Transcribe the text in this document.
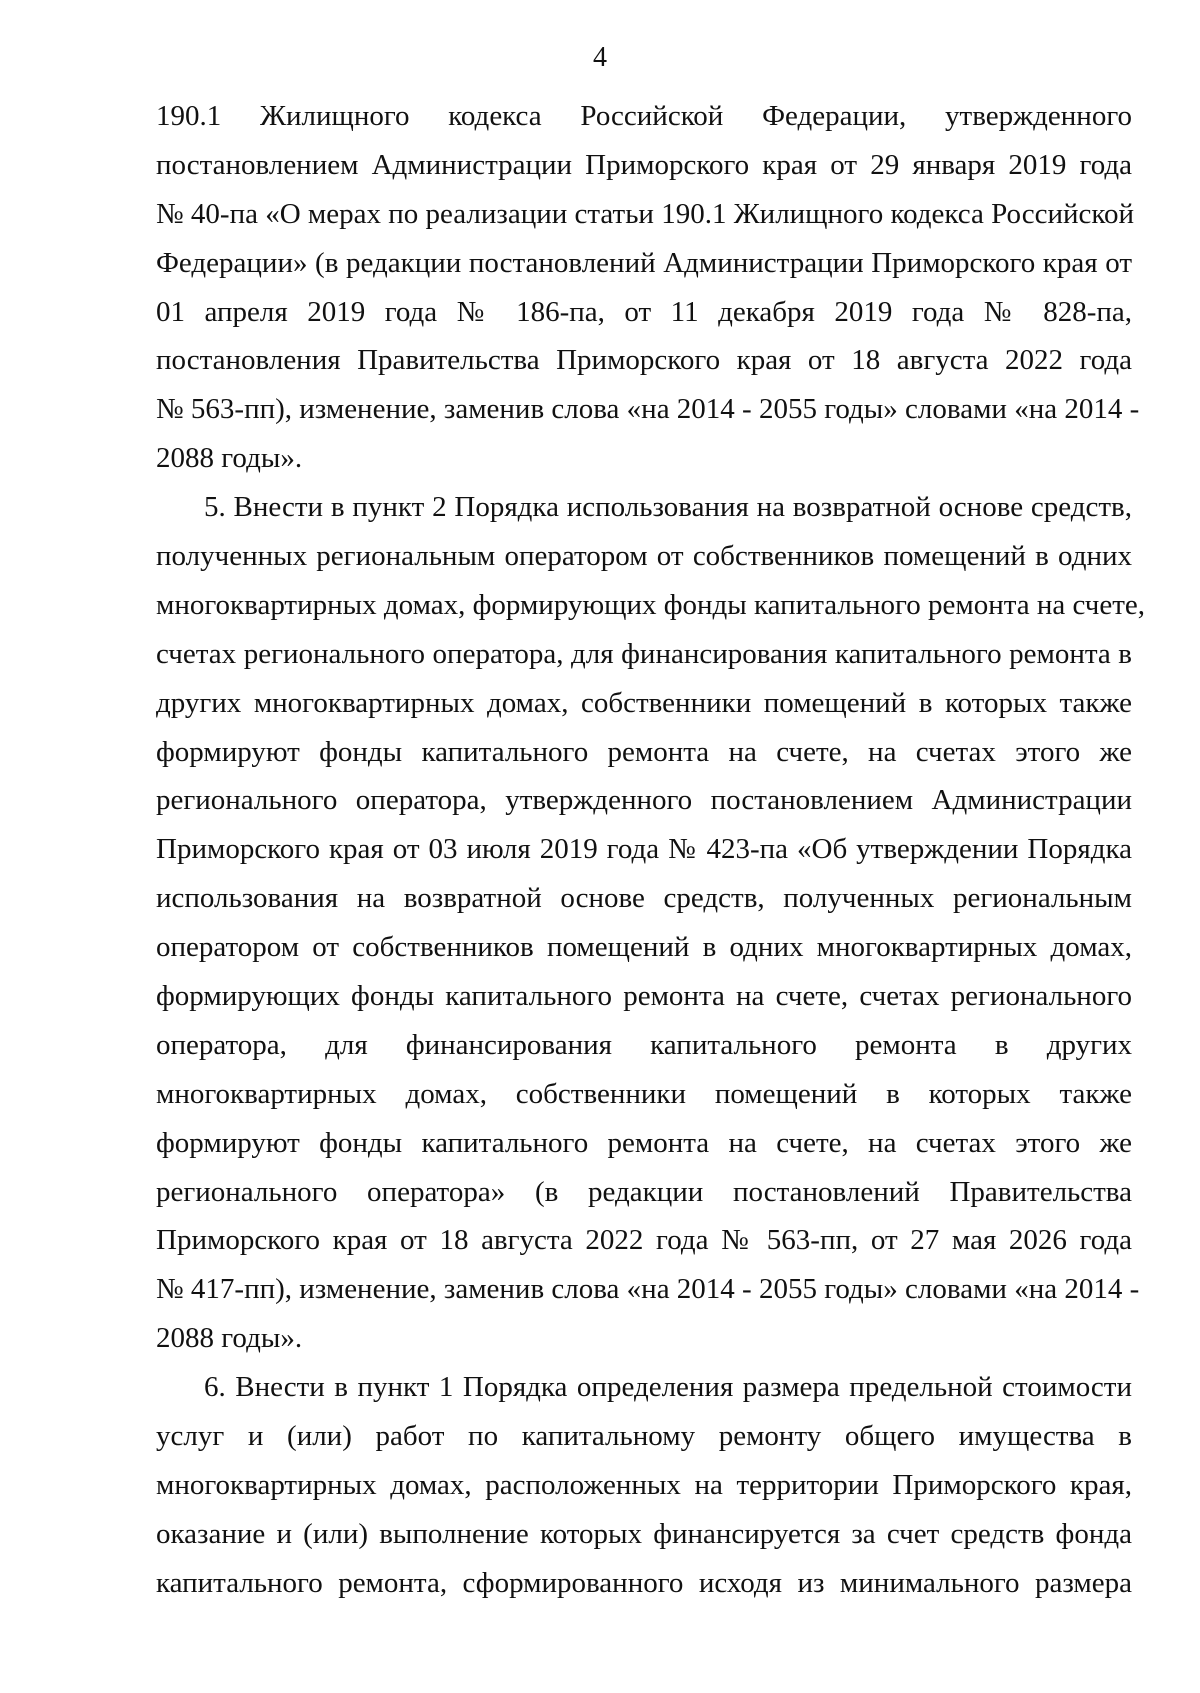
4
190.1 Жилищного кодекса Российской Федерации, утвержденного
постановлением Администрации Приморского края от 29 января 2019 года
№ 40-па «О мерах по реализации статьи 190.1 Жилищного кодекса Российской
Федерации» (в редакции постановлений Администрации Приморского края от
01 апреля 2019 года № 186-па, от 11 декабря 2019 года № 828-па,
постановления Правительства Приморского края от 18 августа 2022 года
№ 563-пп), изменение, заменив слова «на 2014 - 2055 годы» словами «на 2014 -
2088 годы».
5. Внести в пункт 2 Порядка использования на возвратной основе средств,
полученных региональным оператором от собственников помещений в одних
многоквартирных домах, формирующих фонды капитального ремонта на счете,
счетах регионального оператора, для финансирования капитального ремонта в
других многоквартирных домах, собственники помещений в которых также
формируют фонды капитального ремонта на счете, на счетах этого же
регионального оператора, утвержденного постановлением Администрации
Приморского края от 03 июля 2019 года № 423-па «Об утверждении Порядка
использования на возвратной основе средств, полученных региональным
оператором от собственников помещений в одних многоквартирных домах,
формирующих фонды капитального ремонта на счете, счетах регионального
оператора, для финансирования капитального ремонта в других
многоквартирных домах, собственники помещений в которых также
формируют фонды капитального ремонта на счете, на счетах этого же
регионального оператора» (в редакции постановлений Правительства
Приморского края от 18 августа 2022 года № 563-пп, от 27 мая 2026 года
№ 417-пп), изменение, заменив слова «на 2014 - 2055 годы» словами «на 2014 -
2088 годы».
6. Внести в пункт 1 Порядка определения размера предельной стоимости
услуг и (или) работ по капитальному ремонту общего имущества в
многоквартирных домах, расположенных на территории Приморского края,
оказание и (или) выполнение которых финансируется за счет средств фонда
капитального ремонта, сформированного исходя из минимального размера
